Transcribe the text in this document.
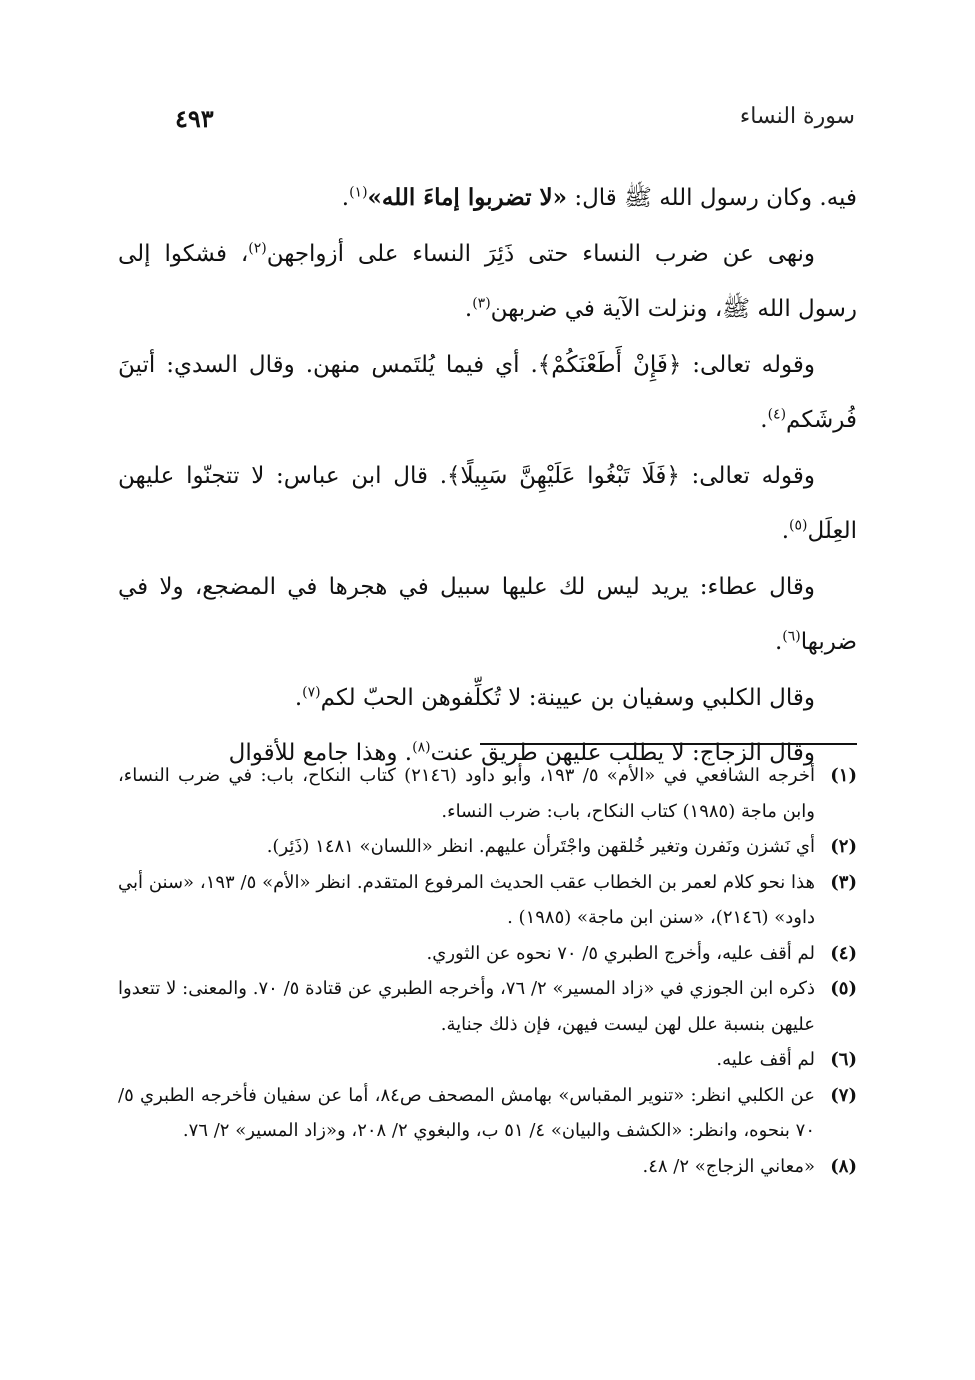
سورة النساء
٤٩٣

فيه. وكان رسول الله ﷺ قال: «لا تضربوا إماءَ الله»$^{(١)}$.

ونهى عن ضرب النساء حتى ذَئِرَ النساء على أزواجهن$^{(٢)}$، فشكوا إلى رسول الله ﷺ، ونزلت الآية في ضربهن$^{(٣)}$.

وقوله تعالى: ﴿فَإِنْ أَطَعْنَكُمْ﴾. أي فيما يُلتَمس منهن. وقال السدي: أتينَ فُرشَكم$^{(٤)}$.

وقوله تعالى: ﴿فَلَا تَبْغُوا عَلَيْهِنَّ سَبِيلًا﴾. قال ابن عباس: لا تتجنّوا عليهن العِلَل$^{(٥)}$.

وقال عطاء: يريد ليس لك عليها سبيل في هجرها في المضجع، ولا في ضربها$^{(٦)}$.

وقال الكلبي وسفيان بن عيينة: لا تُكلِّفوهن الحبّ لكم$^{(٧)}$.

وقال الزجاج: لا يطلب عليهن طريق عنت$^{(٨)}$. وهذا جامع للأقوال

(١)
أخرجه الشافعي في «الأم» ٥/ ١٩٣، وأبو داود (٢١٤٦) كتاب النكاح، باب: في ضرب النساء، وابن ماجة (١٩٨٥) كتاب النكاح، باب: ضرب النساء.
(٢)
أي نَشزن ونَفرن وتغير خُلقهن واجْتَرأن عليهم. انظر «اللسان» ١٤٨١ (ذَئِر).
(٣)
هذا نحو كلام لعمر بن الخطاب عقب الحديث المرفوع المتقدم. انظر «الأم» ٥/ ١٩٣، «سنن أبي داود» (٢١٤٦)، «سنن ابن ماجة» (١٩٨٥) .
(٤)
لم أقف عليه، وأخرج الطبري ٥/ ٧٠ نحوه عن الثوري.
(٥)
ذكره ابن الجوزي في «زاد المسير» ٢/ ٧٦، وأخرجه الطبري عن قتادة ٥/ ٧٠. والمعنى: لا تتعدوا عليهن بنسبة علل لهن ليست فيهن، فإن ذلك جناية.
(٦)
لم أقف عليه.
(٧)
عن الكلبي انظر: «تنوير المقباس» بهامش المصحف ص٨٤، أما عن سفيان فأخرجه الطبري ٥/ ٧٠ بنحوه، وانظر: «الكشف والبيان» ٤/ ٥١ ب، والبغوي ٢/ ٢٠٨، و«زاد المسير» ٢/ ٧٦.
(٨)
«معاني الزجاج» ٢/ ٤٨.
